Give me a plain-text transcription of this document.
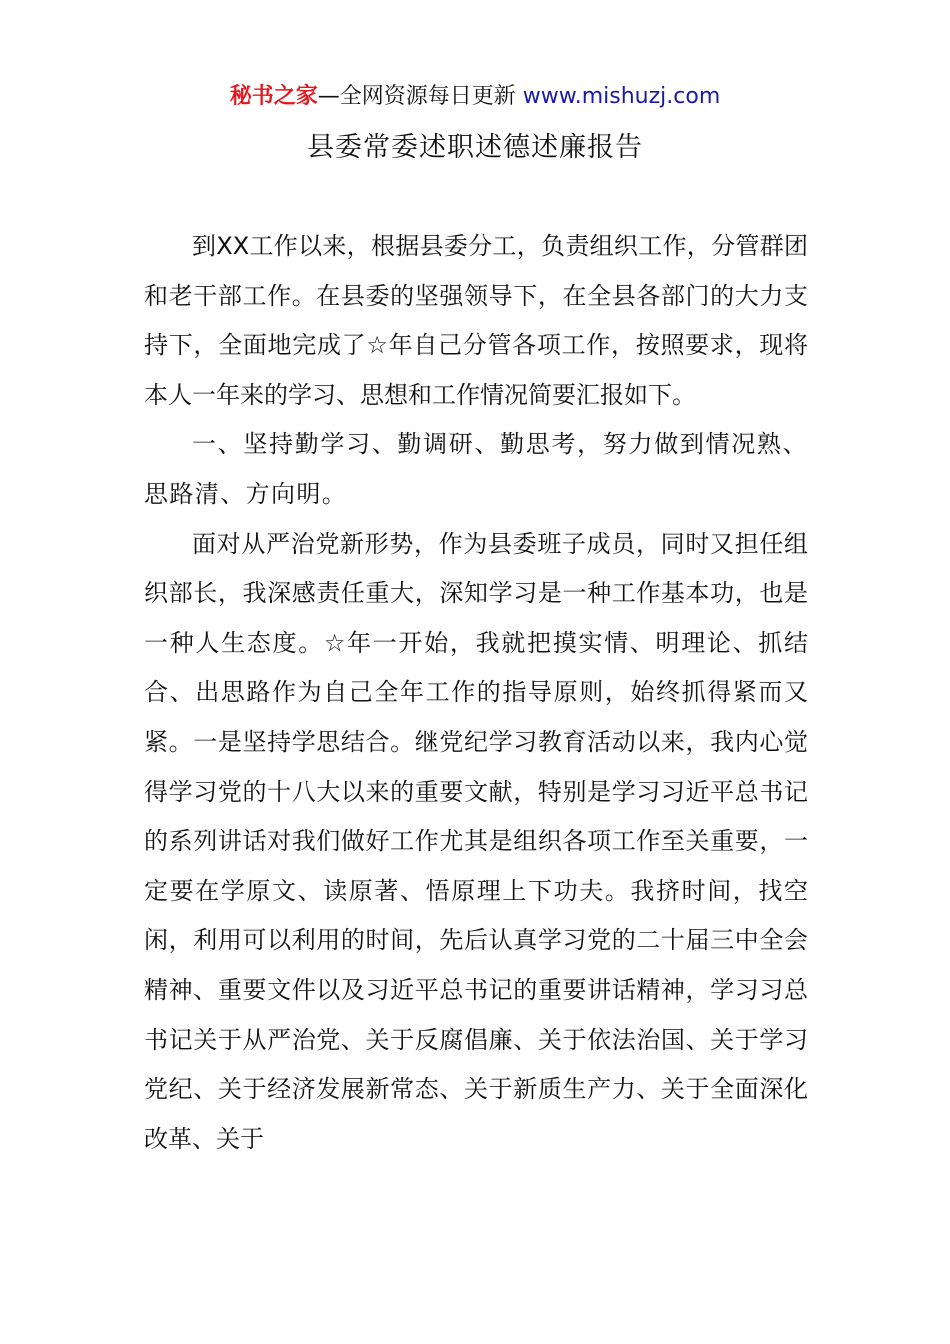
秘书之家—全网资源每日更新 www.mishuzj.com
县委常委述职述德述廉报告

到XX工作以来，根据县委分工，负责组织工作，分管群团和老干部工作。在县委的坚强领导下，在全县各部门的大力支持下，全面地完成了☆年自己分管各项工作，按照要求，现将本人一年来的学习、思想和工作情况简要汇报如下。

一、坚持勤学习、勤调研、勤思考，努力做到情况熟、思路清、方向明。

面对从严治党新形势，作为县委班子成员，同时又担任组织部长，我深感责任重大，深知学习是一种工作基本功，也是一种人生态度。☆年一开始，我就把摸实情、明理论、抓结合、出思路作为自己全年工作的指导原则，始终抓得紧而又紧。一是坚持学思结合。继党纪学习教育活动以来，我内心觉得学习党的十八大以来的重要文献，特别是学习习近平总书记的系列讲话对我们做好工作尤其是组织各项工作至关重要，一定要在学原文、读原著、悟原理上下功夫。我挤时间，找空闲，利用可以利用的时间，先后认真学习党的二十届三中全会精神、重要文件以及习近平总书记的重要讲话精神，学习习总书记关于从严治党、关于反腐倡廉、关于依法治国、关于学习党纪、关于经济发展新常态、关于新质生产力、关于全面深化改革、关于
